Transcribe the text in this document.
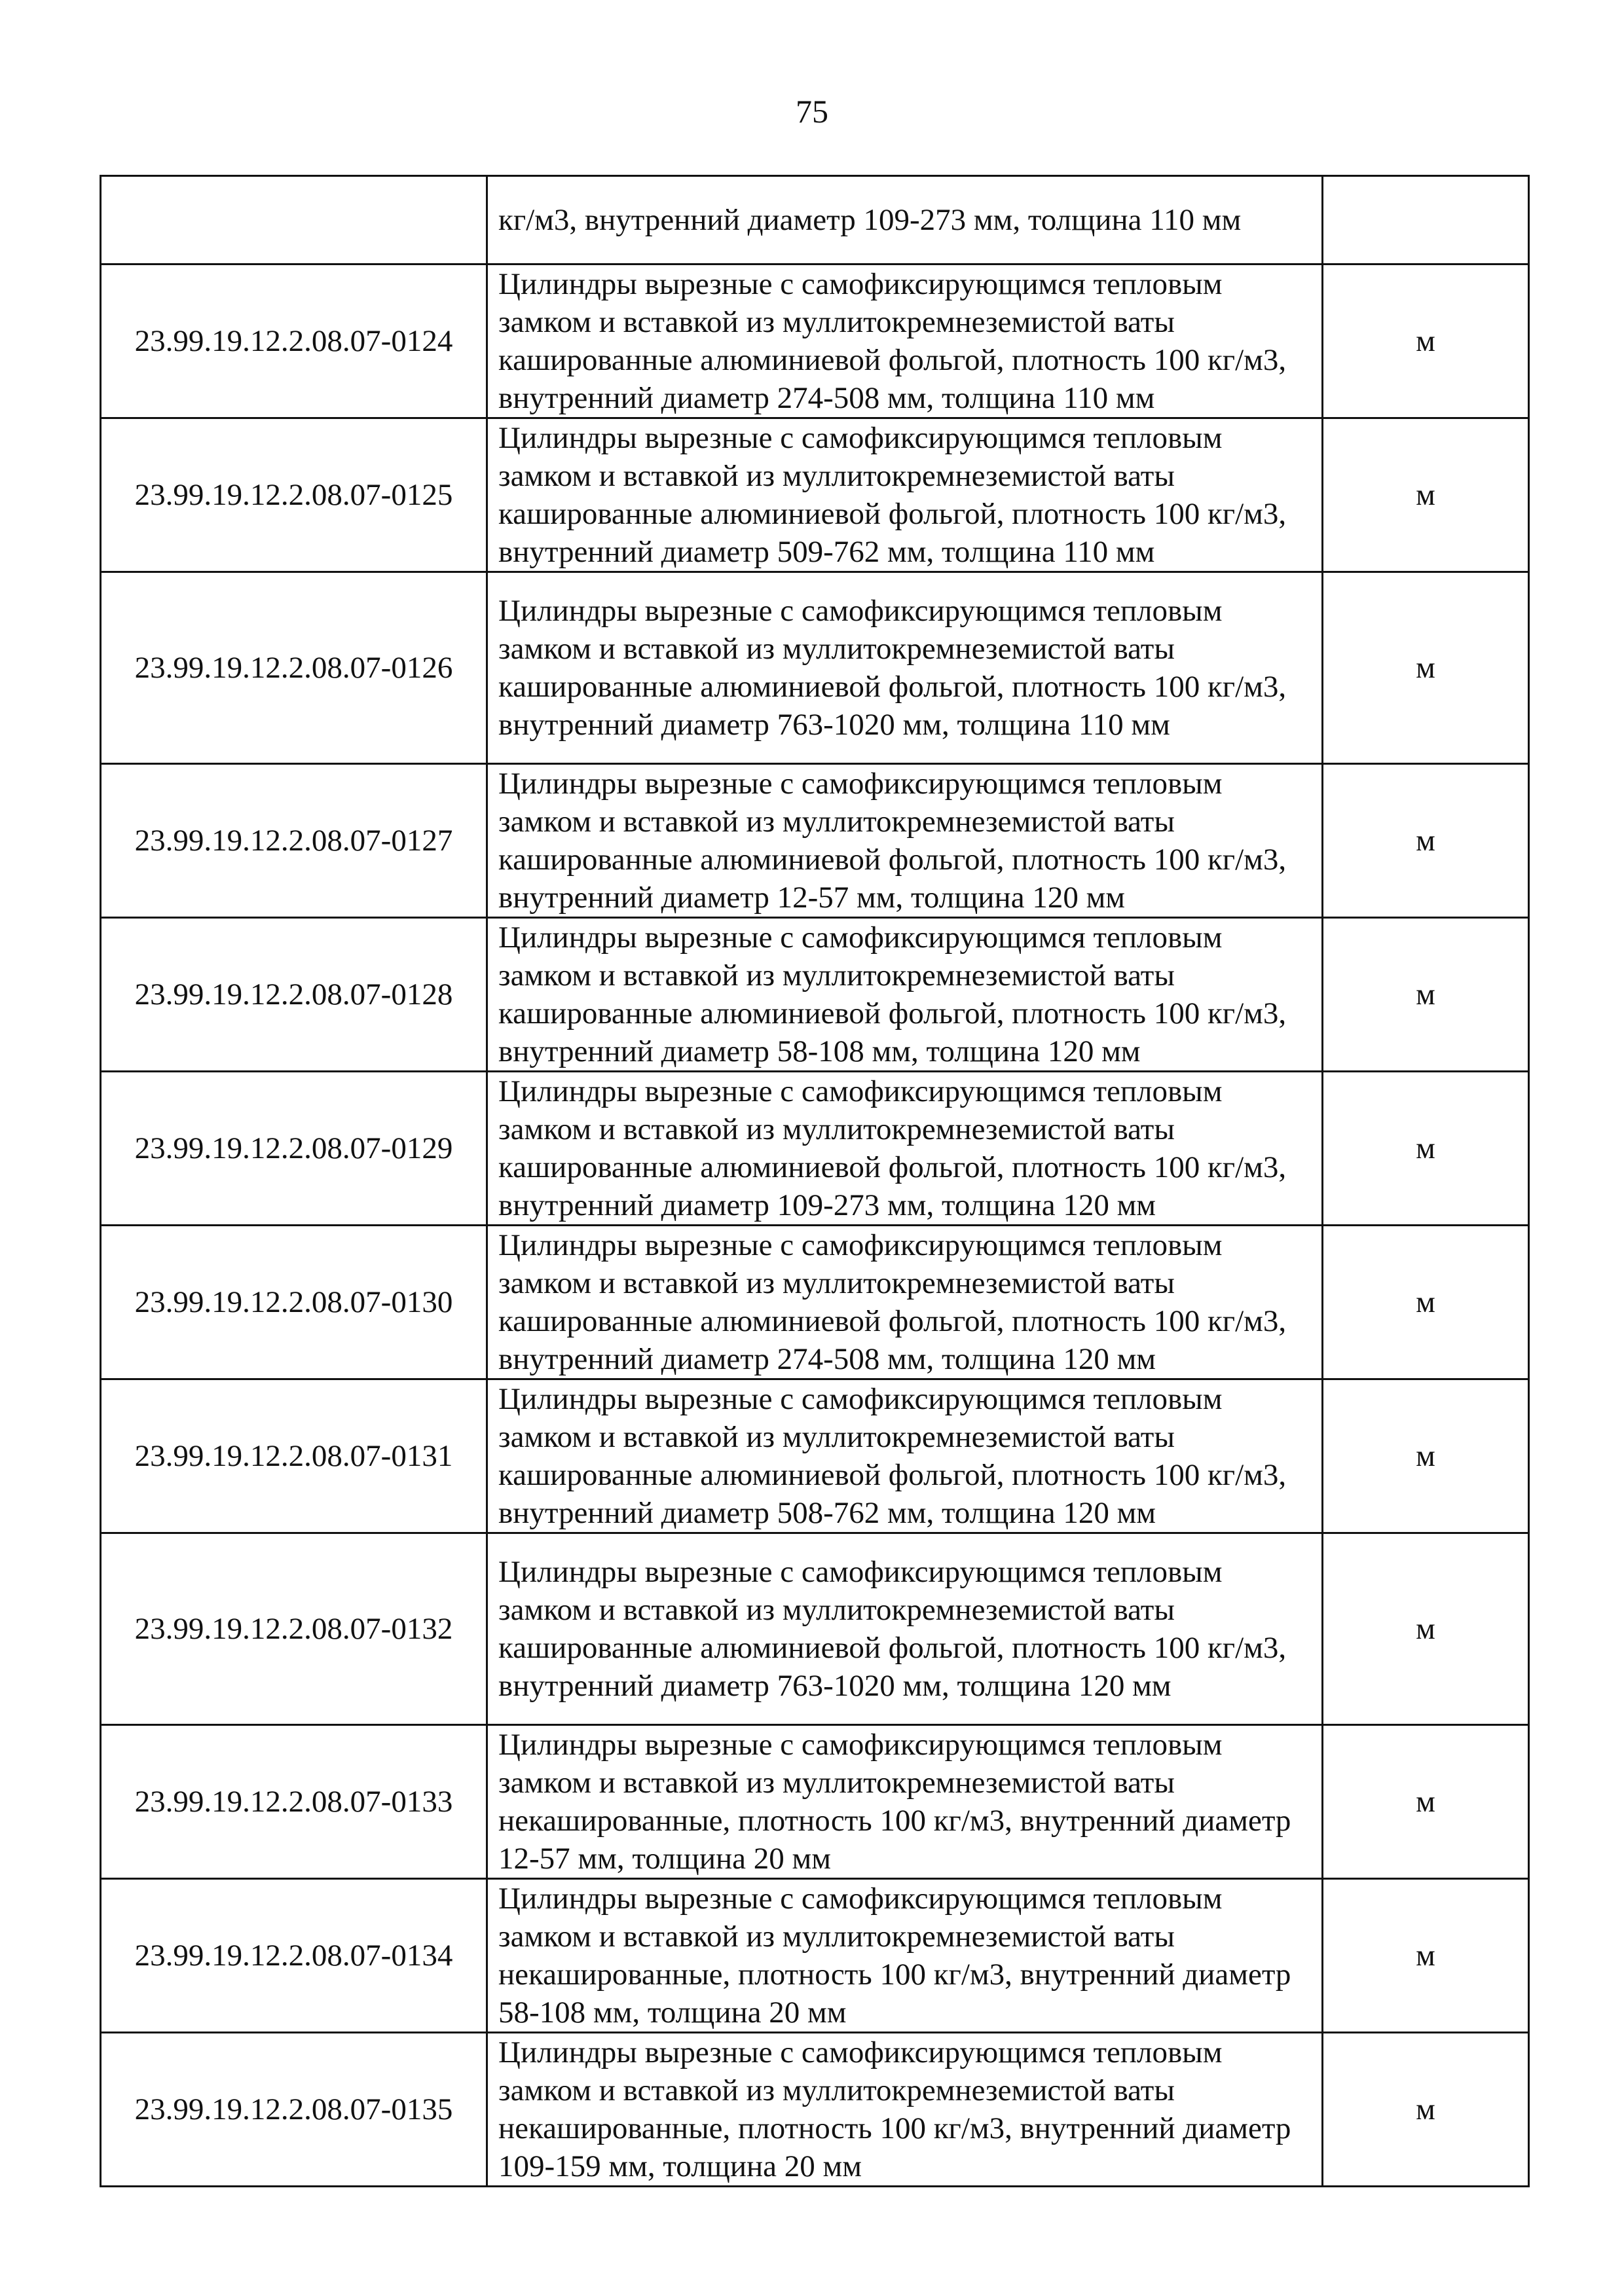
75
	кг/м3, внутренний диаметр 109-273 мм, толщина 110 мм	
23.99.19.12.2.08.07-0124	Цилиндры вырезные с самофиксирующимся тепловым замком и вставкой из муллитокремнеземистой ваты кашированные алюминиевой фольгой, плотность 100 кг/м3, внутренний диаметр 274-508 мм, толщина 110 мм	м
23.99.19.12.2.08.07-0125	Цилиндры вырезные с самофиксирующимся тепловым замком и вставкой из муллитокремнеземистой ваты кашированные алюминиевой фольгой, плотность 100 кг/м3, внутренний диаметр 509-762 мм, толщина 110 мм	м
23.99.19.12.2.08.07-0126	Цилиндры вырезные с самофиксирующимся тепловым замком и вставкой из муллитокремнеземистой ваты кашированные алюминиевой фольгой, плотность 100 кг/м3, внутренний диаметр 763-1020 мм, толщина 110 мм	м
23.99.19.12.2.08.07-0127	Цилиндры вырезные с самофиксирующимся тепловым замком и вставкой из муллитокремнеземистой ваты кашированные алюминиевой фольгой, плотность 100 кг/м3, внутренний диаметр 12-57 мм, толщина 120 мм	м
23.99.19.12.2.08.07-0128	Цилиндры вырезные с самофиксирующимся тепловым замком и вставкой из муллитокремнеземистой ваты кашированные алюминиевой фольгой, плотность 100 кг/м3, внутренний диаметр 58-108 мм, толщина 120 мм	м
23.99.19.12.2.08.07-0129	Цилиндры вырезные с самофиксирующимся тепловым замком и вставкой из муллитокремнеземистой ваты кашированные алюминиевой фольгой, плотность 100 кг/м3, внутренний диаметр 109-273 мм, толщина 120 мм	м
23.99.19.12.2.08.07-0130	Цилиндры вырезные с самофиксирующимся тепловым замком и вставкой из муллитокремнеземистой ваты кашированные алюминиевой фольгой, плотность 100 кг/м3, внутренний диаметр 274-508 мм, толщина 120 мм	м
23.99.19.12.2.08.07-0131	Цилиндры вырезные с самофиксирующимся тепловым замком и вставкой из муллитокремнеземистой ваты кашированные алюминиевой фольгой, плотность 100 кг/м3, внутренний диаметр 508-762 мм, толщина 120 мм	м
23.99.19.12.2.08.07-0132	Цилиндры вырезные с самофиксирующимся тепловым замком и вставкой из муллитокремнеземистой ваты кашированные алюминиевой фольгой, плотность 100 кг/м3, внутренний диаметр 763-1020 мм, толщина 120 мм	м
23.99.19.12.2.08.07-0133	Цилиндры вырезные с самофиксирующимся тепловым замком и вставкой из муллитокремнеземистой ваты некашированные, плотность 100 кг/м3, внутренний диаметр 12-57 мм, толщина 20 мм	м
23.99.19.12.2.08.07-0134	Цилиндры вырезные с самофиксирующимся тепловым замком и вставкой из муллитокремнеземистой ваты некашированные, плотность 100 кг/м3, внутренний диаметр 58-108 мм, толщина 20 мм	м
23.99.19.12.2.08.07-0135	Цилиндры вырезные с самофиксирующимся тепловым замком и вставкой из муллитокремнеземистой ваты некашированные, плотность 100 кг/м3, внутренний диаметр 109-159 мм, толщина 20 мм	м
